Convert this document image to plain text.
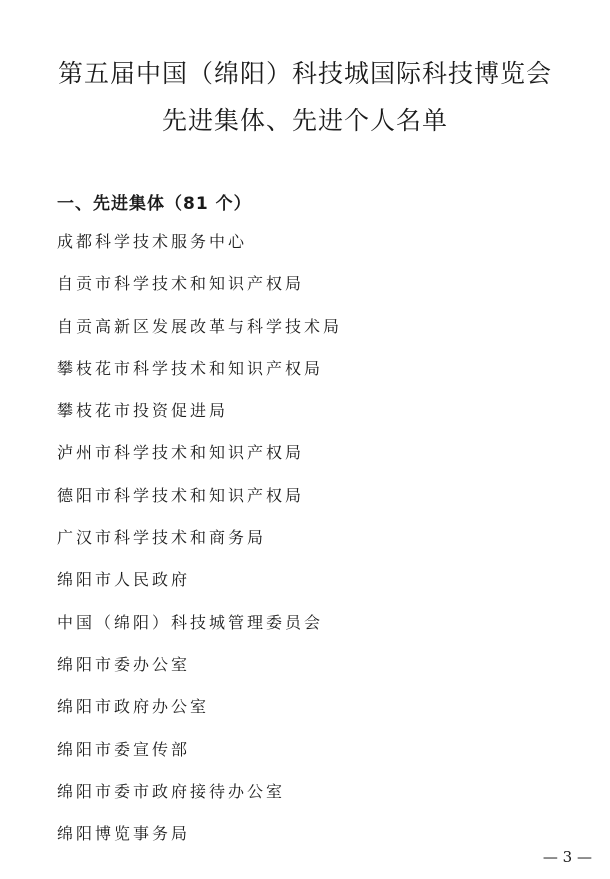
第五届中国（绵阳）科技城国际科技博览会
先进集体、先进个人名单
一、先进集体（81 个）
成都科学技术服务中心
自贡市科学技术和知识产权局
自贡高新区发展改革与科学技术局
攀枝花市科学技术和知识产权局
攀枝花市投资促进局
泸州市科学技术和知识产权局
德阳市科学技术和知识产权局
广汉市科学技术和商务局
绵阳市人民政府
中国（绵阳）科技城管理委员会
绵阳市委办公室
绵阳市政府办公室
绵阳市委宣传部
绵阳市委市政府接待办公室
绵阳博览事务局
— 3 —
